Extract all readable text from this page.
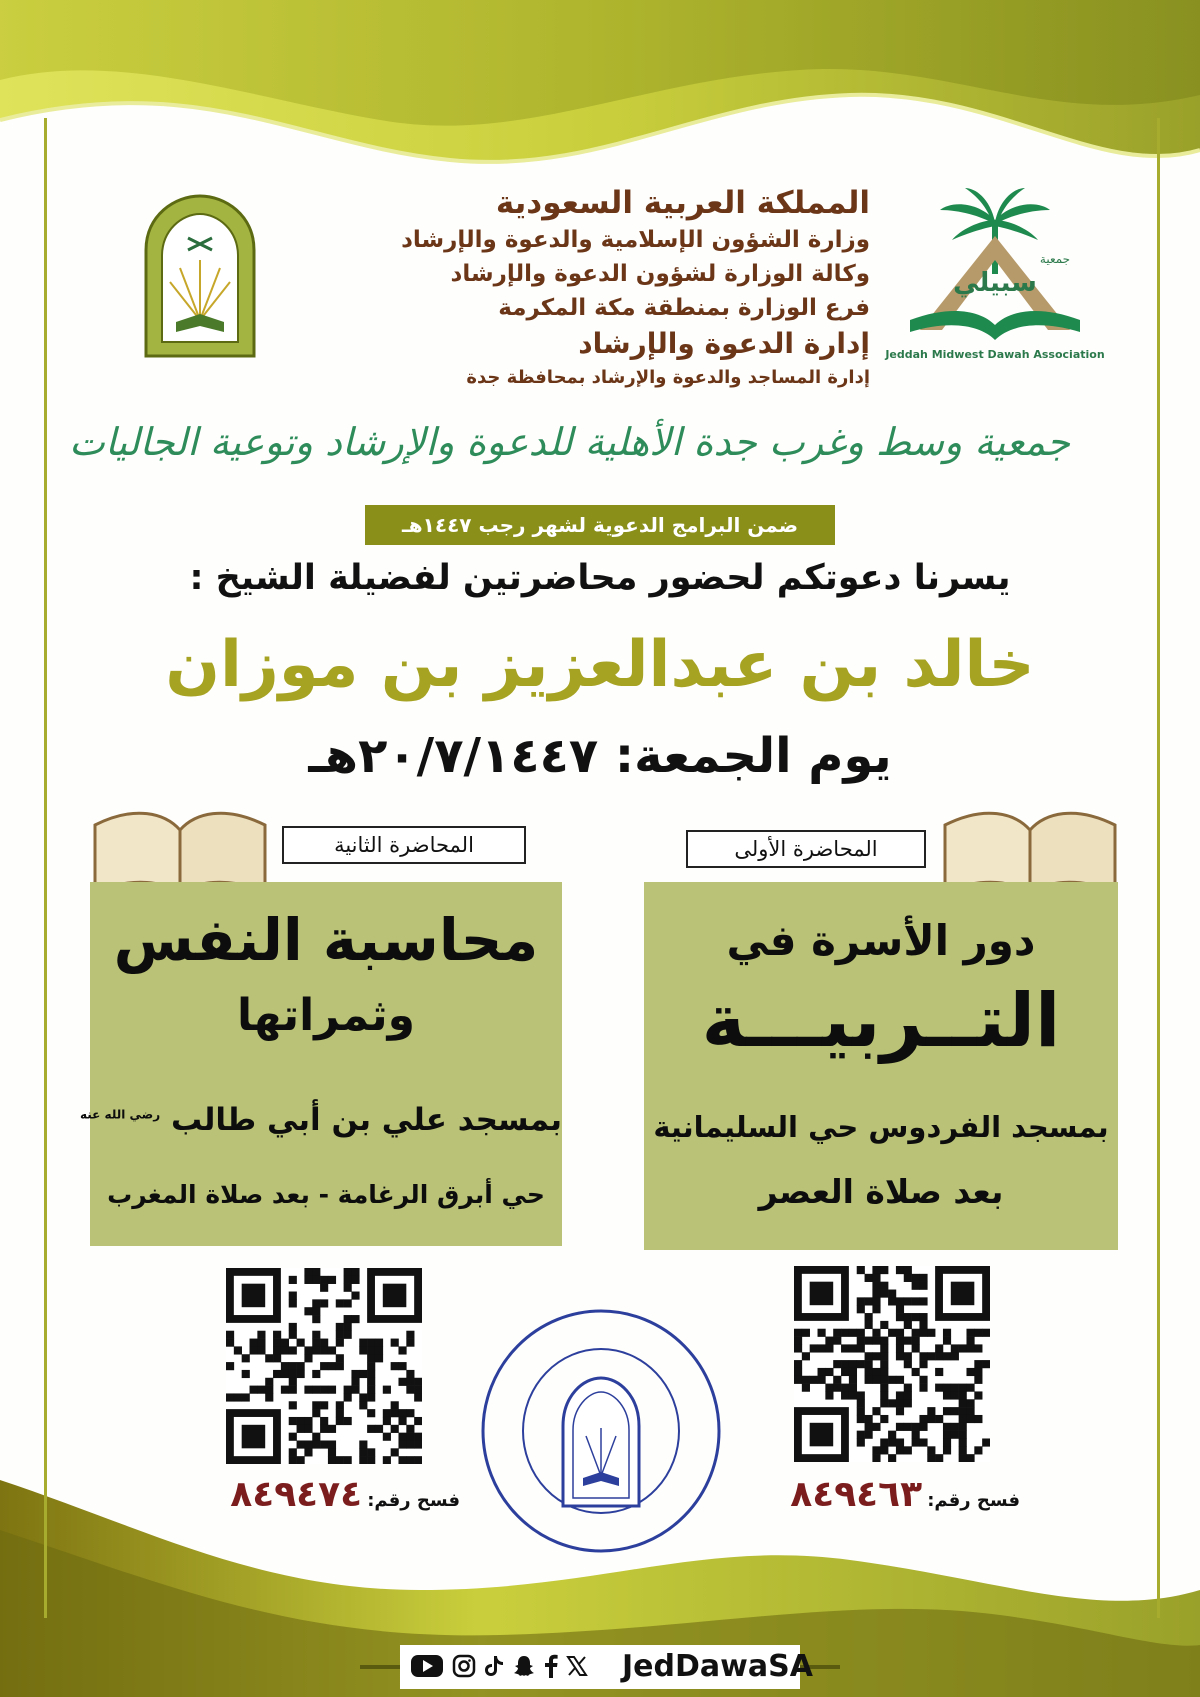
سبيلي
جمعية
Jeddah Midwest Dawah Association
المملكة العربية السعودية
وزارة الشؤون الإسلامية والدعوة والإرشاد
وكالة الوزارة لشؤون الدعوة والإرشاد
فرع الوزارة بمنطقة مكة المكرمة
إدارة الدعوة والإرشاد
إدارة المساجد والدعوة والإرشاد بمحافظة جدة
جمعية وسط وغرب جدة الأهلية للدعوة والإرشاد وتوعية الجاليات
ضمن البرامج الدعوية لشهر رجب ١٤٤٧هـ
يسرنا دعوتكم لحضور محاضرتين لفضيلة الشيخ :
خالد بن عبدالعزيز بن موزان
يوم الجمعة: ٢٠/٧/١٤٤٧هـ
المحاضرة الثانية	المحاضرة الأولى
محاسبة النفس
وثمراتها
بمسجد علي بن أبي طالب $^{رضي الله عنه}$
حي أبرق الرغامة - بعد صلاة المغرب
دور الأسرة في
التــربيـــة
بمسجد الفردوس حي السليمانية
بعد صلاة العصر
فسح رقم: ٨٤٩٤٧٤	فسح رقم: ٨٤٩٤٦٣
JedDawaSA
